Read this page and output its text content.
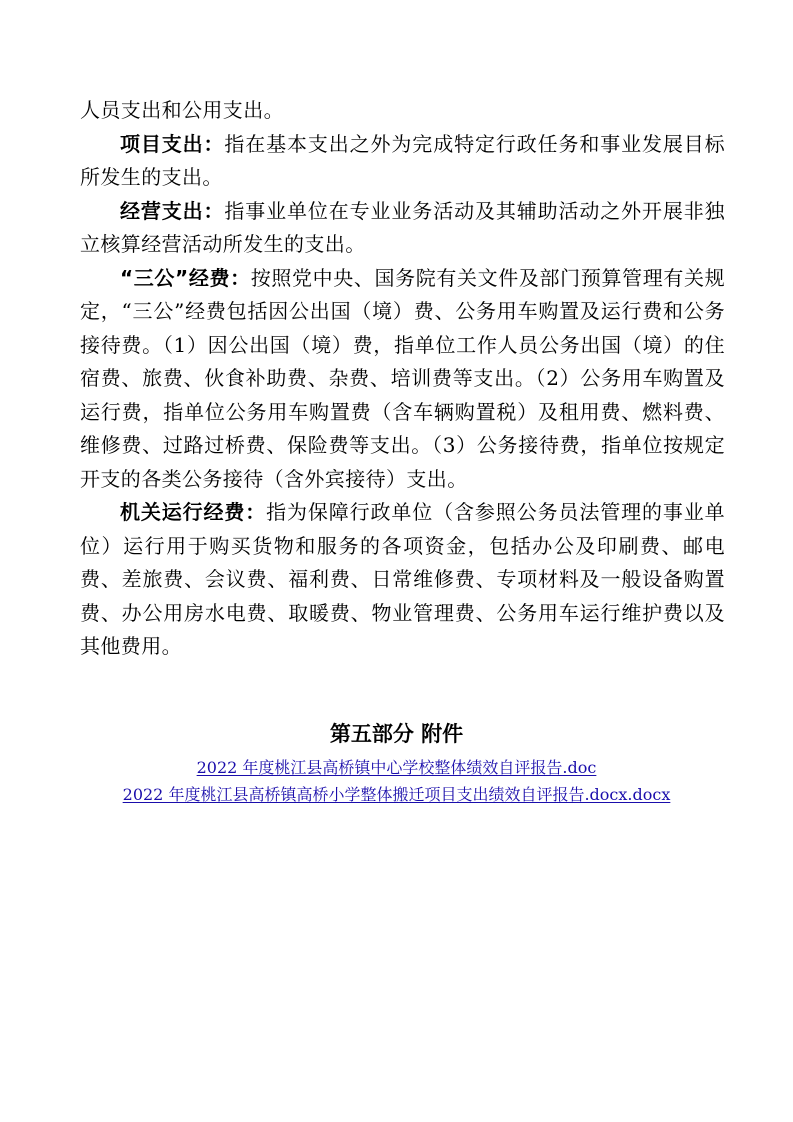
人员支出和公用支出。

项目支出：指在基本支出之外为完成特定行政任务和事业发展目标所发生的支出。

经营支出：指事业单位在专业业务活动及其辅助活动之外开展非独立核算经营活动所发生的支出。

“三公”经费：按照党中央、国务院有关文件及部门预算管理有关规定，“三公”经费包括因公出国（境）费、公务用车购置及运行费和公务接待费。（1）因公出国（境）费，指单位工作人员公务出国（境）的住宿费、旅费、伙食补助费、杂费、培训费等支出。（2）公务用车购置及运行费，指单位公务用车购置费（含车辆购置税）及租用费、燃料费、维修费、过路过桥费、保险费等支出。（3）公务接待费，指单位按规定开支的各类公务接待（含外宾接待）支出。

机关运行经费：指为保障行政单位（含参照公务员法管理的事业单位）运行用于购买货物和服务的各项资金，包括办公及印刷费、邮电费、差旅费、会议费、福利费、日常维修费、专项材料及一般设备购置费、办公用房水电费、取暖费、物业管理费、公务用车运行维护费以及其他费用。

第五部分 附件
2022 年度桃江县高桥镇中心学校整体绩效自评报告.doc
2022 年度桃江县高桥镇高桥小学整体搬迁项目支出绩效自评报告.docx.docx
